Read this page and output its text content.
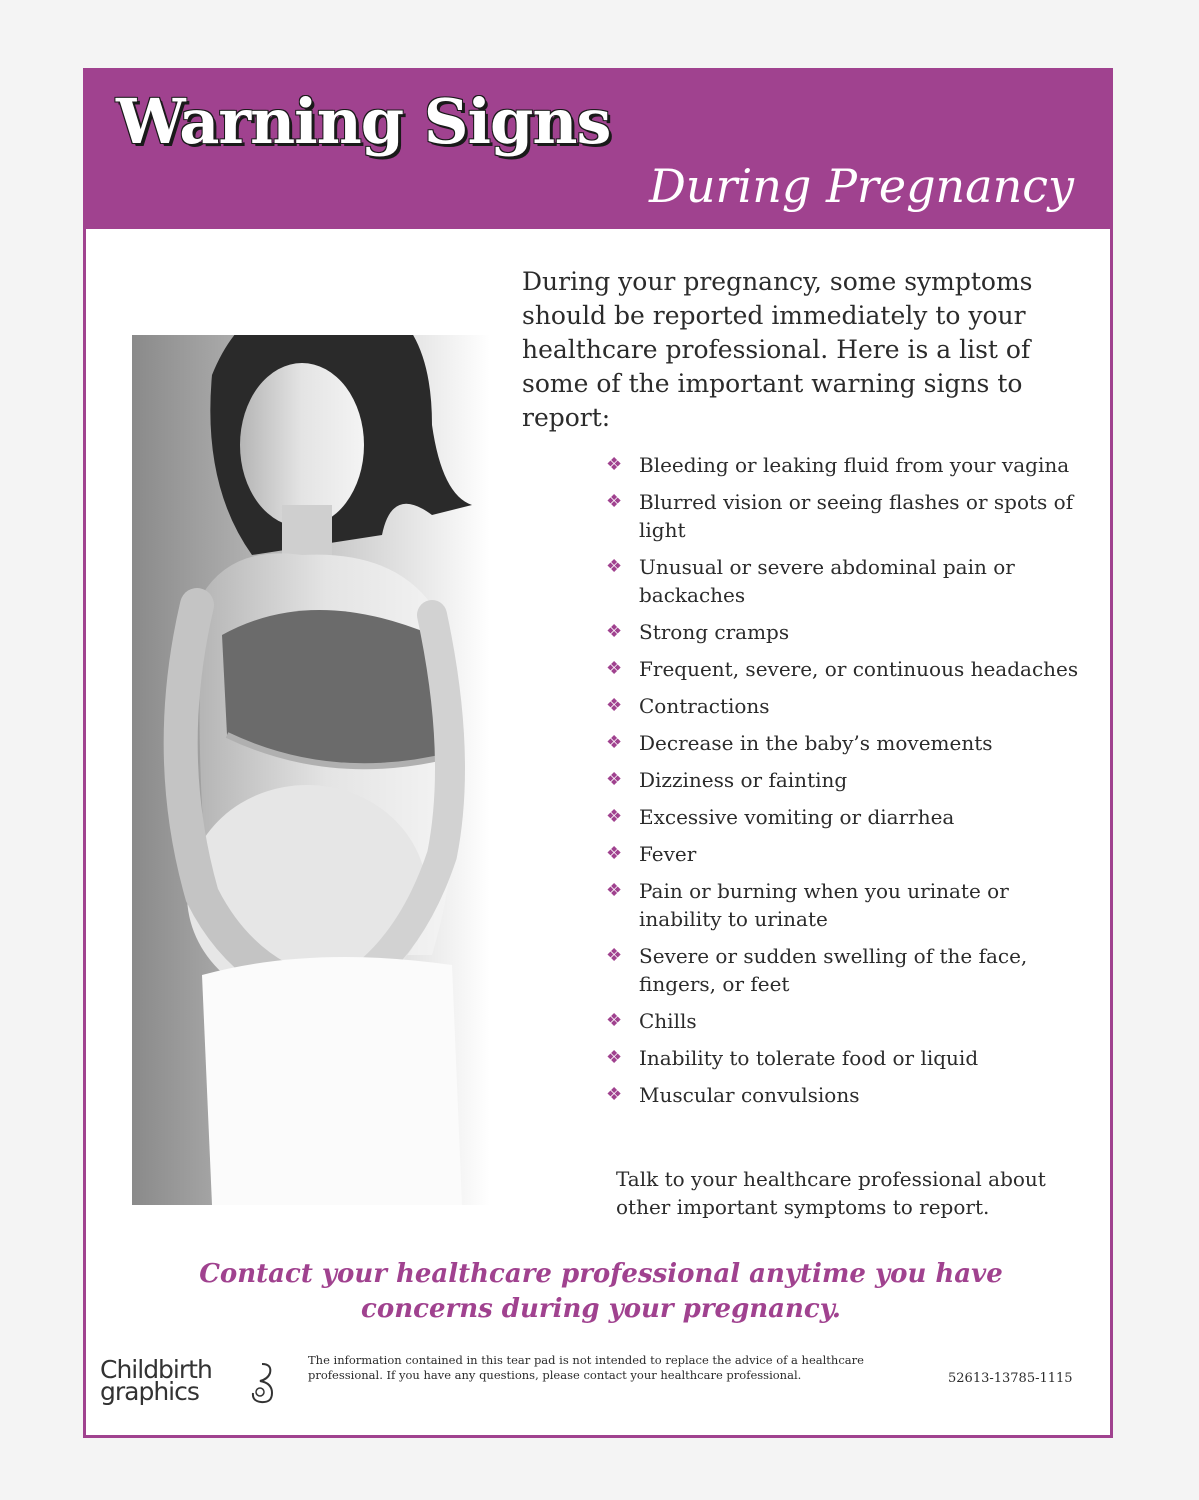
Warning Signs
During Pregnancy

During your pregnancy, some symptoms should be reported immediately to your healthcare professional. Here is a list of some of the important warning signs to report:

❖ Bleeding or leaking fluid from your vagina
❖ Blurred vision or seeing flashes or spots of light
❖ Unusual or severe abdominal pain or backaches
❖ Strong cramps
❖ Frequent, severe, or continuous headaches
❖ Contractions
❖ Decrease in the baby’s movements
❖ Dizziness or fainting
❖ Excessive vomiting or diarrhea
❖ Fever
❖ Pain or burning when you urinate or inability to urinate
❖ Severe or sudden swelling of the face, fingers, or feet
❖ Chills
❖ Inability to tolerate food or liquid
❖ Muscular convulsions

Talk to your healthcare professional about other important symptoms to report.

Contact your healthcare professional anytime you have concerns during your pregnancy.

Childbirth
graphics

The information contained in this tear pad is not intended to replace the advice of a healthcare professional. If you have any questions, please contact your healthcare professional.	52613-13785-1115
